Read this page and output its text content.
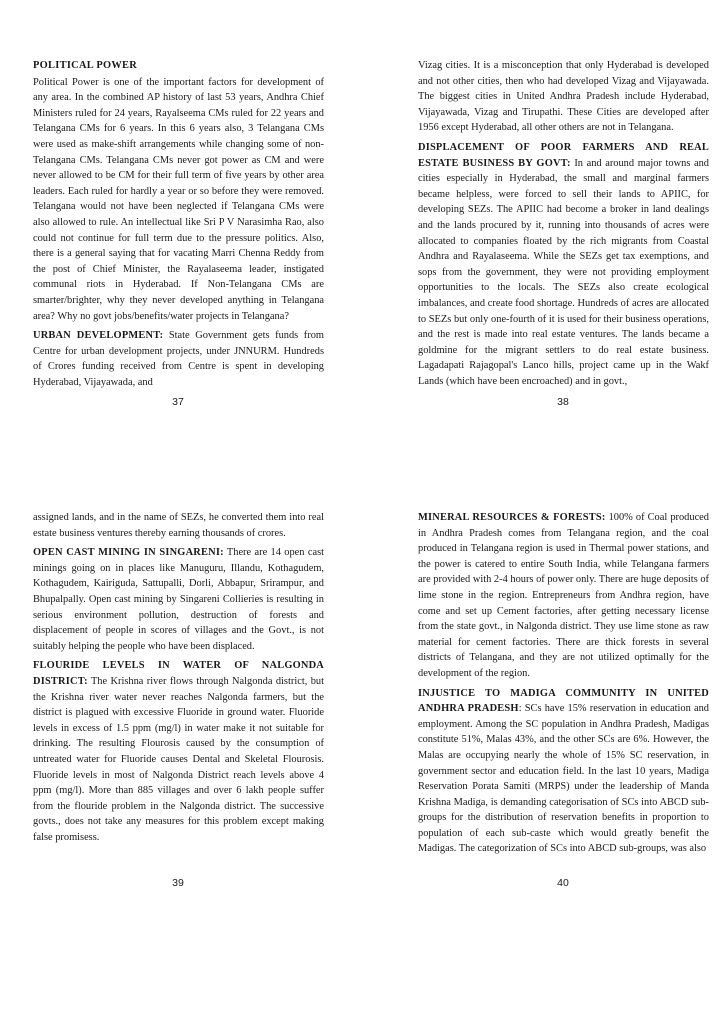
POLITICAL POWER

Political Power is one of the important factors for development of any area. In the combined AP history of last 53 years, Andhra Chief Ministers ruled for 24 years, Rayalseema CMs ruled for 22 years and Telangana CMs for 6 years. In this 6 years also, 3 Telangana CMs were used as make-shift arrangements while changing some of non-Telangana CMs. Telangana CMs never got power as CM and were never allowed to be CM for their full term of five years by other area leaders. Each ruled for hardly a year or so before they were removed. Telangana would not have been neglected if Telangana CMs were also allowed to rule. An intellectual like Sri P V Narasimha Rao, also could not continue for full term due to the pressure politics. Also, there is a general saying that for vacating Marri Chenna Reddy from the post of Chief Minister, the Rayalaseema leader, instigated communal riots in Hyderabad. If Non-Telangana CMs are smarter/brighter, why they never developed anything in Telangana area? Why no govt jobs/benefits/water projects in Telangana?

URBAN DEVELOPMENT: State Government gets funds from Centre for urban development projects, under JNNURM. Hundreds of Crores funding received from Centre is spent in developing Hyderabad, Vijayawada, and

37

Vizag cities. It is a misconception that only Hyderabad is developed and not other cities, then who had developed Vizag and Vijayawada. The biggest cities in United Andhra Pradesh include Hyderabad, Vijayawada, Vizag and Tirupathi. These Cities are developed after 1956 except Hyderabad, all other others are not in Telangana.

DISPLACEMENT OF POOR FARMERS AND REAL ESTATE BUSINESS BY GOVT: In and around major towns and cities especially in Hyderabad, the small and marginal farmers became helpless, were forced to sell their lands to APIIC, for developing SEZs. The APIIC had become a broker in land dealings and the lands procured by it, running into thousands of acres were allocated to companies floated by the rich migrants from Coastal Andhra and Rayalaseema. While the SEZs get tax exemptions, and sops from the government, they were not providing employment opportunities to the locals. The SEZs also create ecological imbalances, and create food shortage. Hundreds of acres are allocated to SEZs but only one-fourth of it is used for their business operations, and the rest is made into real estate ventures. The lands became a goldmine for the migrant settlers to do real estate business. Lagadapati Rajagopal's Lanco hills, project came up in the Wakf Lands (which have been encroached) and in govt.,

38

assigned lands, and in the name of SEZs, he converted them into real estate business ventures thereby earning thousands of crores.

OPEN CAST MINING IN SINGARENI: There are 14 open cast minings going on in places like Manuguru, Illandu, Kothagudem, Kothagudem, Kairiguda, Sattupalli, Dorli, Abbapur, Srirampur, and Bhupalpally. Open cast mining by Singareni Collieries is resulting in serious environment pollution, destruction of forests and displacement of people in scores of villages and the Govt., is not suitably helping the people who have been displaced.

FLOURIDE LEVELS IN WATER OF NALGONDA DISTRICT: The Krishna river flows through Nalgonda district, but the Krishna river water never reaches Nalgonda farmers, but the district is plagued with excessive Fluoride in ground water. Fluoride levels in excess of 1.5 ppm (mg/l) in water make it not suitable for drinking. The resulting Flourosis caused by the consumption of untreated water for Fluoride causes Dental and Skeletal Flourosis. Fluoride levels in most of Nalgonda District reach levels above 4 ppm (mg/l). More than 885 villages and over 6 lakh people suffer from the flouride problem in the Nalgonda district. The successive govts., does not take any measures for this problem except making false promisess.

39

MINERAL RESOURCES & FORESTS: 100% of Coal produced in Andhra Pradesh comes from Telangana region, and the coal produced in Telangana region is used in Thermal power stations, and the power is catered to entire South India, while Telangana farmers are provided with 2-4 hours of power only. There are huge deposits of lime stone in the region. Entrepreneurs from Andhra region, have come and set up Cement factories, after getting necessary license from the state govt., in Nalgonda district. They use lime stone as raw material for cement factories. There are thick forests in several districts of Telangana, and they are not utilized optimally for the development of the region.

INJUSTICE TO MADIGA COMMUNITY IN UNITED ANDHRA PRADESH: SCs have 15% reservation in education and employment. Among the SC population in Andhra Pradesh, Madigas constitute 51%, Malas 43%, and the other SCs are 6%. However, the Malas are occupying nearly the whole of 15% SC reservation, in government sector and education field. In the last 10 years, Madiga Reservation Porata Samiti (MRPS) under the leadership of Manda Krishna Madiga, is demanding categorisation of SCs into ABCD sub-groups for the distribution of reservation benefits in proportion to population of each sub-caste which would greatly benefit the Madigas. The categorization of SCs into ABCD sub-groups, was also

40
